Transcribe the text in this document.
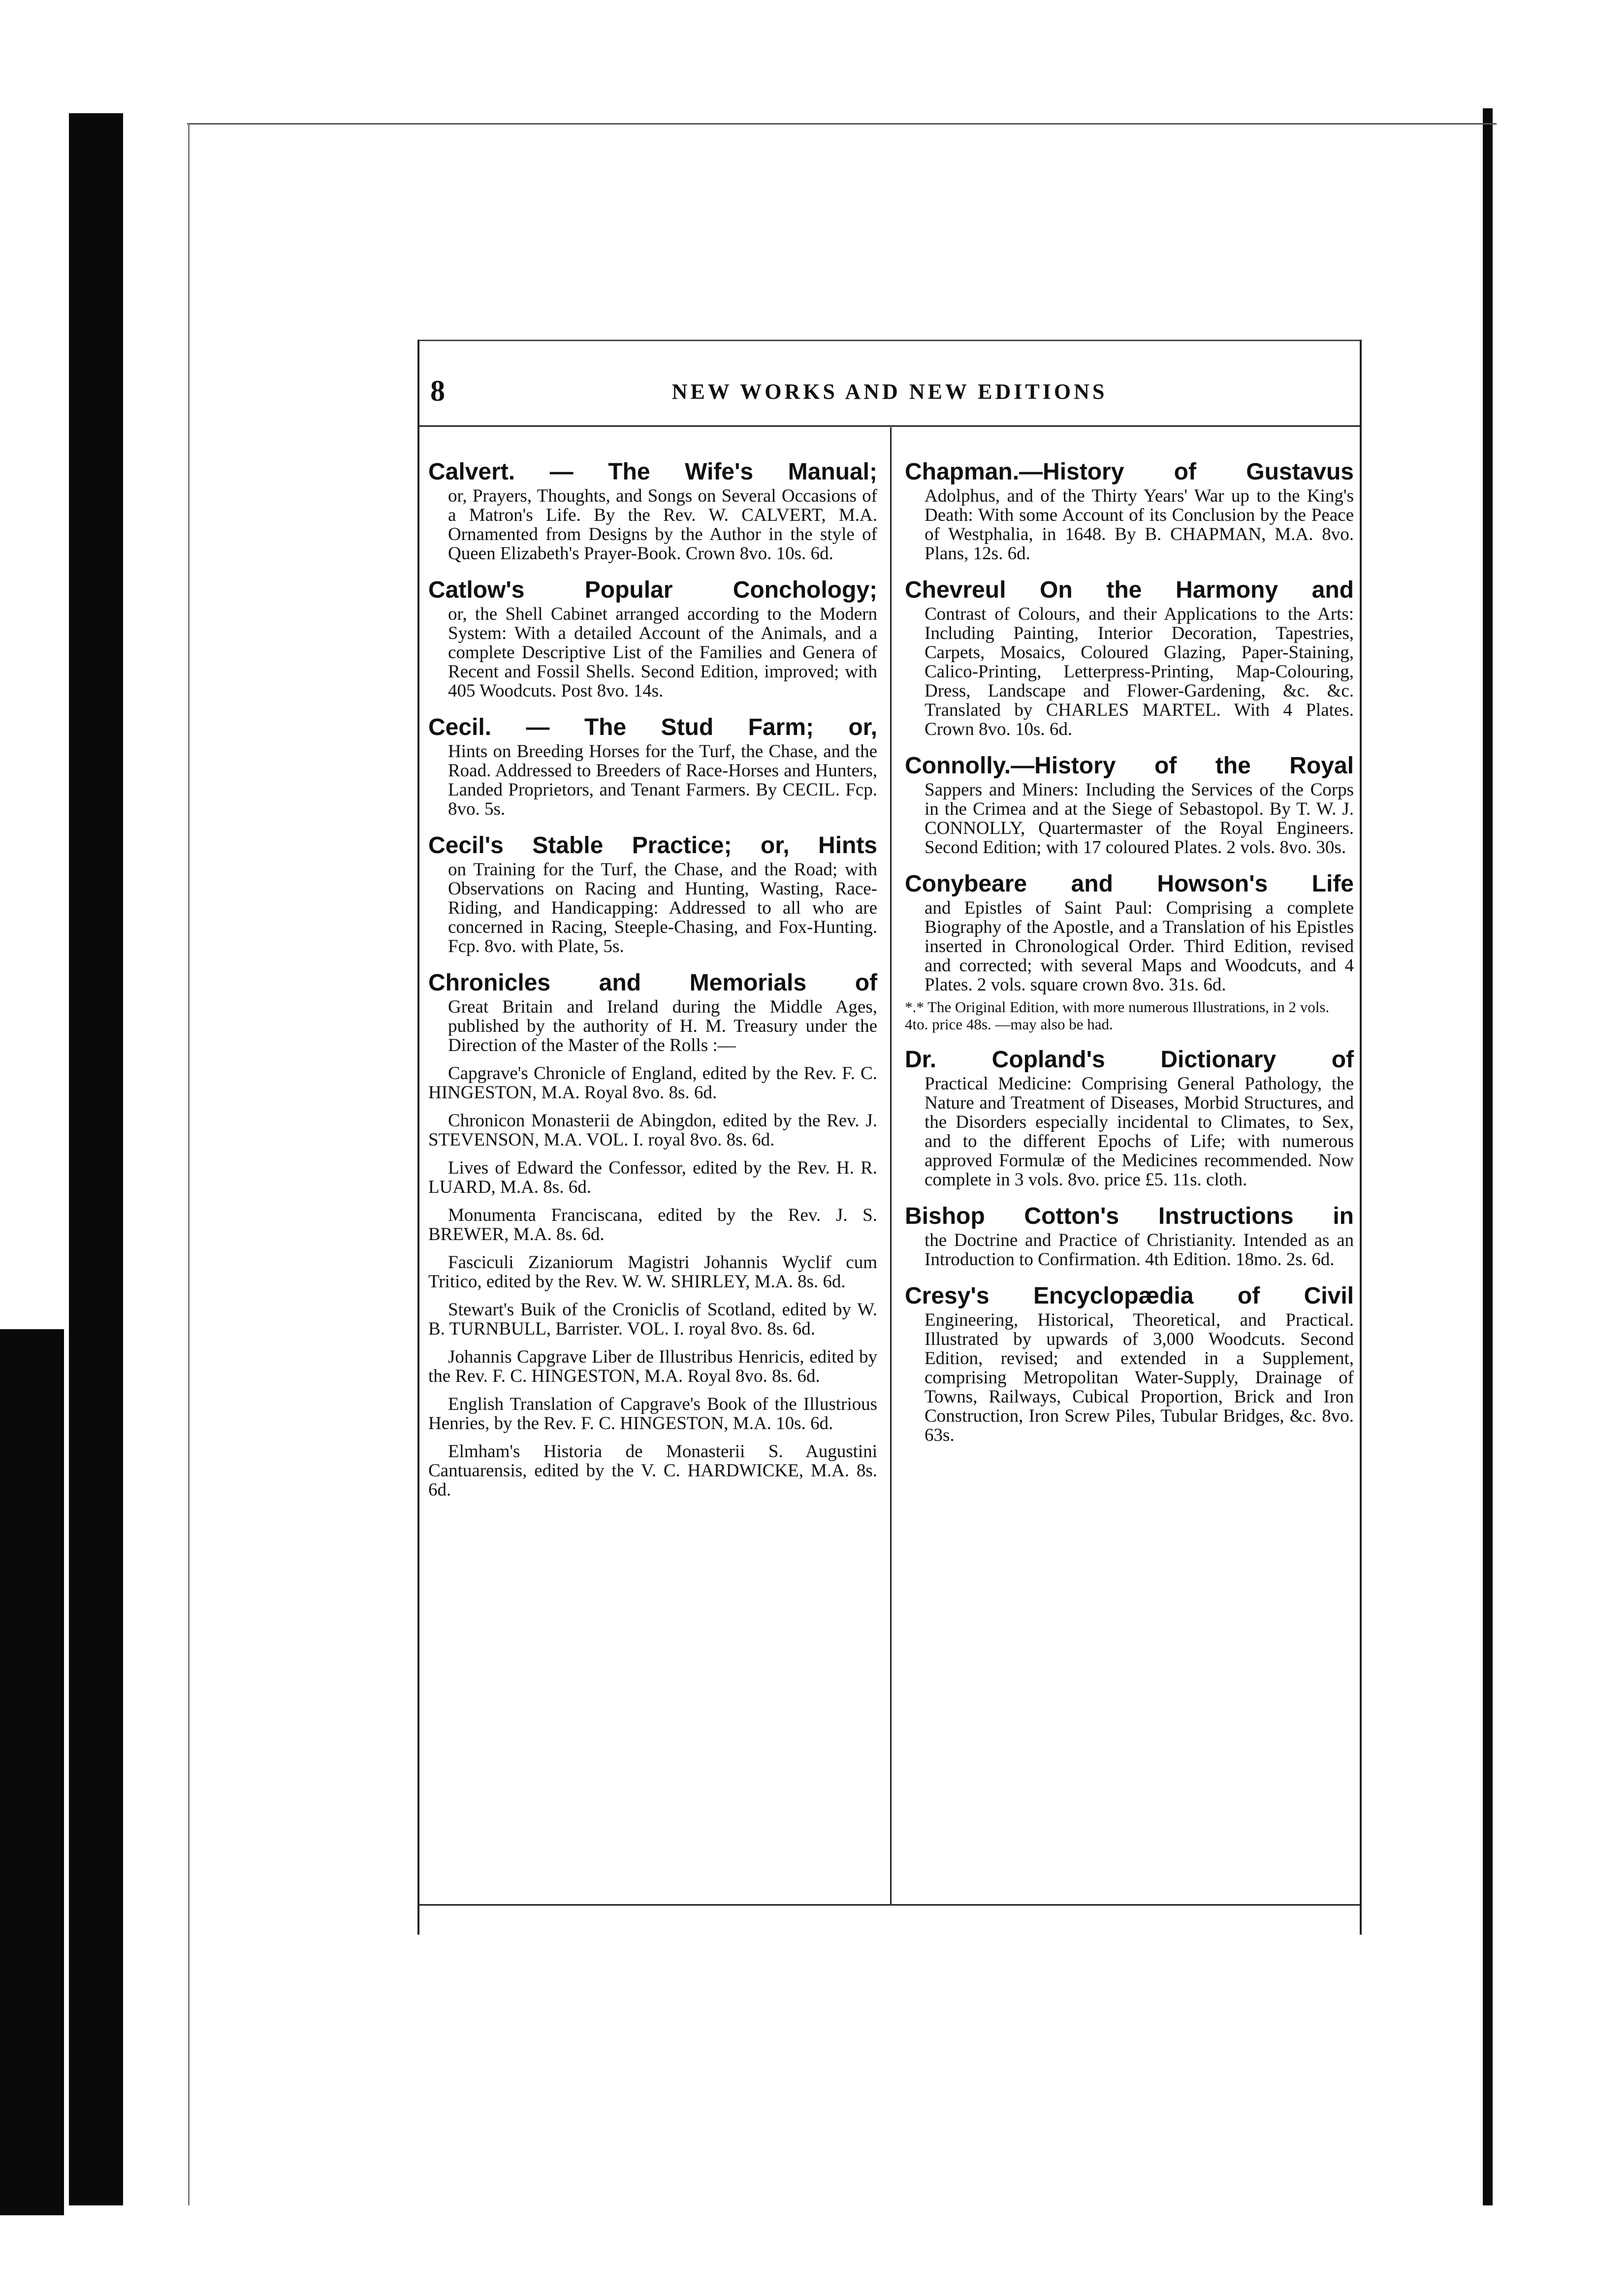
8	NEW WORKS AND NEW EDITIONS
Calvert. — The Wife's Manual;
or, Prayers, Thoughts, and Songs on Several Occasions of a Matron's Life. By the Rev. W. CALVERT, M.A. Ornamented from Designs by the Author in the style of Queen Elizabeth's Prayer-Book. Crown 8vo. 10s. 6d.
Catlow's Popular Conchology;
or, the Shell Cabinet arranged according to the Modern System: With a detailed Account of the Animals, and a complete Descriptive List of the Families and Genera of Recent and Fossil Shells. Second Edition, improved; with 405 Woodcuts. Post 8vo. 14s.
Cecil. — The Stud Farm; or,
Hints on Breeding Horses for the Turf, the Chase, and the Road. Addressed to Breeders of Race-Horses and Hunters, Landed Proprietors, and Tenant Farmers. By CECIL. Fcp. 8vo. 5s.
Cecil's Stable Practice; or, Hints
on Training for the Turf, the Chase, and the Road; with Observations on Racing and Hunting, Wasting, Race-Riding, and Handicapping: Addressed to all who are concerned in Racing, Steeple-Chasing, and Fox-Hunting. Fcp. 8vo. with Plate, 5s.
Chronicles and Memorials of
Great Britain and Ireland during the Middle Ages, published by the authority of H. M. Treasury under the Direction of the Master of the Rolls :—
Capgrave's Chronicle of England, edited by the Rev. F. C. HINGESTON, M.A. Royal 8vo. 8s. 6d.
Chronicon Monasterii de Abingdon, edited by the Rev. J. STEVENSON, M.A. VOL. I. royal 8vo. 8s. 6d.
Lives of Edward the Confessor, edited by the Rev. H. R. LUARD, M.A. 8s. 6d.
Monumenta Franciscana, edited by the Rev. J. S. BREWER, M.A. 8s. 6d.
Fasciculi Zizaniorum Magistri Johannis Wyclif cum Tritico, edited by the Rev. W. W. SHIRLEY, M.A. 8s. 6d.
Stewart's Buik of the Croniclis of Scotland, edited by W. B. TURNBULL, Barrister. VOL. I. royal 8vo. 8s. 6d.
Johannis Capgrave Liber de Illustribus Henricis, edited by the Rev. F. C. HINGESTON, M.A. Royal 8vo. 8s. 6d.
English Translation of Capgrave's Book of the Illustrious Henries, by the Rev. F. C. HINGESTON, M.A. 10s. 6d.
Elmham's Historia de Monasterii S. Augustini Cantuarensis, edited by the V. C. HARDWICKE, M.A. 8s. 6d.
Chapman.—History of Gustavus
Adolphus, and of the Thirty Years' War up to the King's Death: With some Account of its Conclusion by the Peace of Westphalia, in 1648. By B. CHAPMAN, M.A. 8vo. Plans, 12s. 6d.
Chevreul On the Harmony and
Contrast of Colours, and their Applications to the Arts: Including Painting, Interior Decoration, Tapestries, Carpets, Mosaics, Coloured Glazing, Paper-Staining, Calico-Printing, Letterpress-Printing, Map-Colouring, Dress, Landscape and Flower-Gardening, &c. &c. Translated by CHARLES MARTEL. With 4 Plates. Crown 8vo. 10s. 6d.
Connolly.—History of the Royal
Sappers and Miners: Including the Services of the Corps in the Crimea and at the Siege of Sebastopol. By T. W. J. CONNOLLY, Quartermaster of the Royal Engineers. Second Edition; with 17 coloured Plates. 2 vols. 8vo. 30s.
Conybeare and Howson's Life
and Epistles of Saint Paul: Comprising a complete Biography of the Apostle, and a Translation of his Epistles inserted in Chronological Order. Third Edition, revised and corrected; with several Maps and Woodcuts, and 4 Plates. 2 vols. square crown 8vo. 31s. 6d.
*.* The Original Edition, with more numerous Illustrations, in 2 vols. 4to. price 48s. —may also be had.
Dr. Copland's Dictionary of
Practical Medicine: Comprising General Pathology, the Nature and Treatment of Diseases, Morbid Structures, and the Disorders especially incidental to Climates, to Sex, and to the different Epochs of Life; with numerous approved Formulæ of the Medicines recommended. Now complete in 3 vols. 8vo. price £5. 11s. cloth.
Bishop Cotton's Instructions in
the Doctrine and Practice of Christianity. Intended as an Introduction to Confirmation. 4th Edition. 18mo. 2s. 6d.
Cresy's Encyclopædia of Civil
Engineering, Historical, Theoretical, and Practical. Illustrated by upwards of 3,000 Woodcuts. Second Edition, revised; and extended in a Supplement, comprising Metropolitan Water-Supply, Drainage of Towns, Railways, Cubical Proportion, Brick and Iron Construction, Iron Screw Piles, Tubular Bridges, &c. 8vo. 63s.
